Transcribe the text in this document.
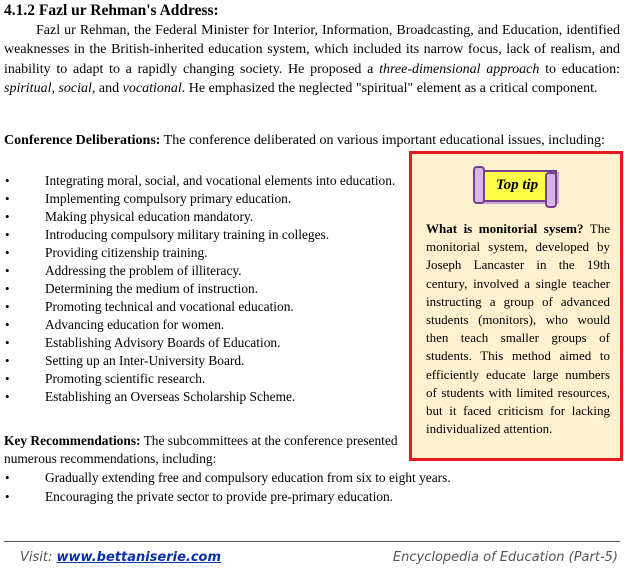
4.1.2 Fazl ur Rehman's Address:

Fazl ur Rehman, the Federal Minister for Interior, Information, Broadcasting, and Education, identified weaknesses in the British-inherited education system, which included its narrow focus, lack of realism, and inability to adapt to a rapidly changing society. He proposed a three-dimensional approach to education: spiritual, social, and vocational. He emphasized the neglected "spiritual" element as a critical component.

Conference Deliberations: The conference deliberated on various important educational issues, including:

•	Integrating moral, social, and vocational elements into education.
•	Implementing compulsory primary education.
•	Making physical education mandatory.
•	Introducing compulsory military training in colleges.
•	Providing citizenship training.
•	Addressing the problem of illiteracy.
•	Determining the medium of instruction.
•	Promoting technical and vocational education.
•	Advancing education for women.
•	Establishing Advisory Boards of Education.
•	Setting up an Inter-University Board.
•	Promoting scientific research.
•	Establishing an Overseas Scholarship Scheme.

Key Recommendations: The subcommittees at the conference presented numerous recommendations, including:

•	Gradually extending free and compulsory education from six to eight years.
•	Encouraging the private sector to provide pre-primary education.
Top tip

What is monitorial sysem? The monitorial system, developed by Joseph Lancaster in the 19th century, involved a single teacher instructing a group of advanced students (monitors), who would then teach smaller groups of students. This method aimed to efficiently educate large numbers of students with limited resources, but it faced criticism for lacking individualized attention.

Visit: www.bettaniserie.com	Encyclopedia of Education (Part-5)
